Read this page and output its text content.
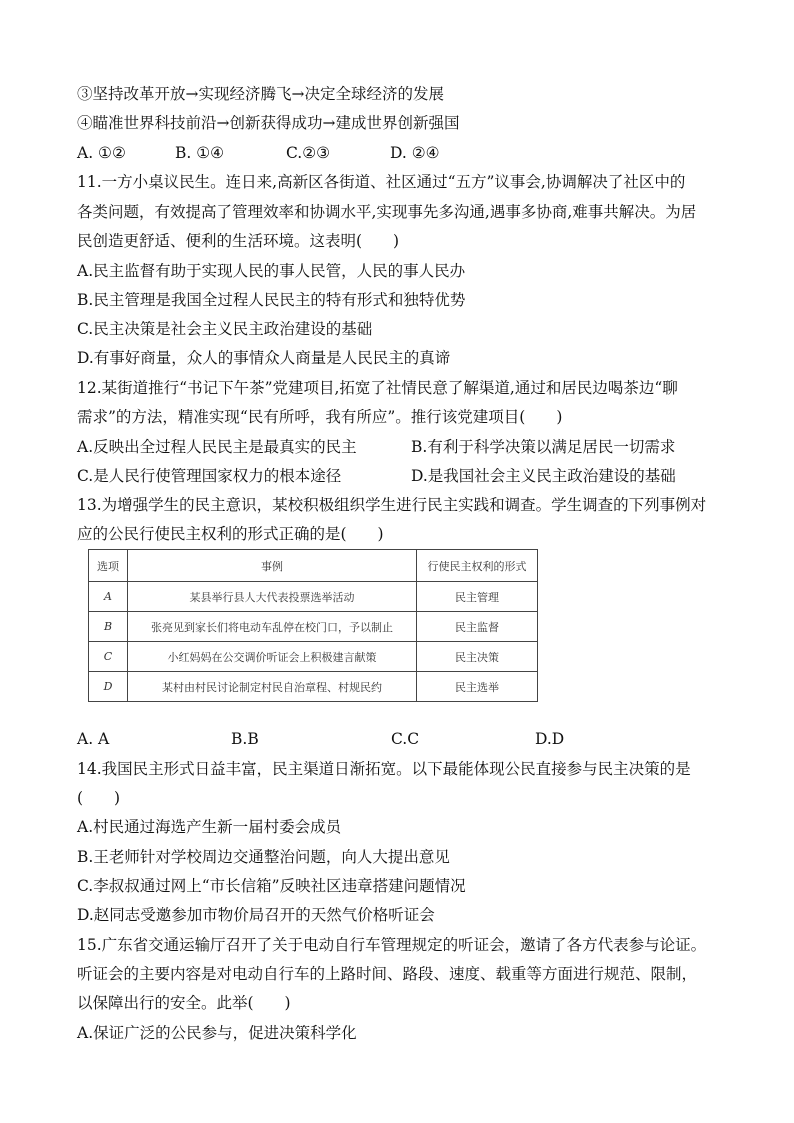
③坚持改革开放→实现经济腾飞→决定全球经济的发展
④瞄准世界科技前沿→创新获得成功→建成世界创新强国
A. ①②	B. ①④	C.②③	D. ②④
11.一方小桌议民生。连日来,高新区各街道、社区通过“五方”议事会,协调解决了社区中的
各类问题，有效提高了管理效率和协调水平,实现事先多沟通,遇事多协商,难事共解决。为居
民创造更舒适、便利的生活环境。这表明(　　)
A.民主监督有助于实现人民的事人民管，人民的事人民办
B.民主管理是我国全过程人民民主的特有形式和独特优势
C.民主决策是社会主义民主政治建设的基础
D.有事好商量，众人的事情众人商量是人民民主的真谛
12.某街道推行“书记下午茶”党建项目,拓宽了社情民意了解渠道,通过和居民边喝茶边“聊
需求”的方法，精准实现“民有所呼，我有所应”。推行该党建项目(　　)
A.反映出全过程人民民主是最真实的民主	B.有利于科学决策以满足居民一切需求
C.是人民行使管理国家权力的根本途径	D.是我国社会主义民主政治建设的基础
13.为增强学生的民主意识，某校积极组织学生进行民主实践和调查。学生调查的下列事例对
应的公民行使民主权利的形式正确的是(　　)
选项	事例	行使民主权利的形式
A	某县举行县人大代表投票选举活动	民主管理
B	张亮见到家长们将电动车乱停在校门口，予以制止	民主监督
C	小红妈妈在公交调价听证会上积极建言献策	民主决策
D	某村由村民讨论制定村民自治章程、村规民约	民主选举
A. A	B.B	C.C	D.D
14.我国民主形式日益丰富，民主渠道日渐拓宽。以下最能体现公民直接参与民主决策的是
(　　)
A.村民通过海选产生新一届村委会成员
B.王老师针对学校周边交通整治问题，向人大提出意见
C.李叔叔通过网上“市长信箱”反映社区违章搭建问题情况
D.赵同志受邀参加市物价局召开的天然气价格听证会
15.广东省交通运输厅召开了关于电动自行车管理规定的听证会，邀请了各方代表参与论证。
听证会的主要内容是对电动自行车的上路时间、路段、速度、载重等方面进行规范、限制，
以保障出行的安全。此举(　　)
A.保证广泛的公民参与，促进决策科学化
